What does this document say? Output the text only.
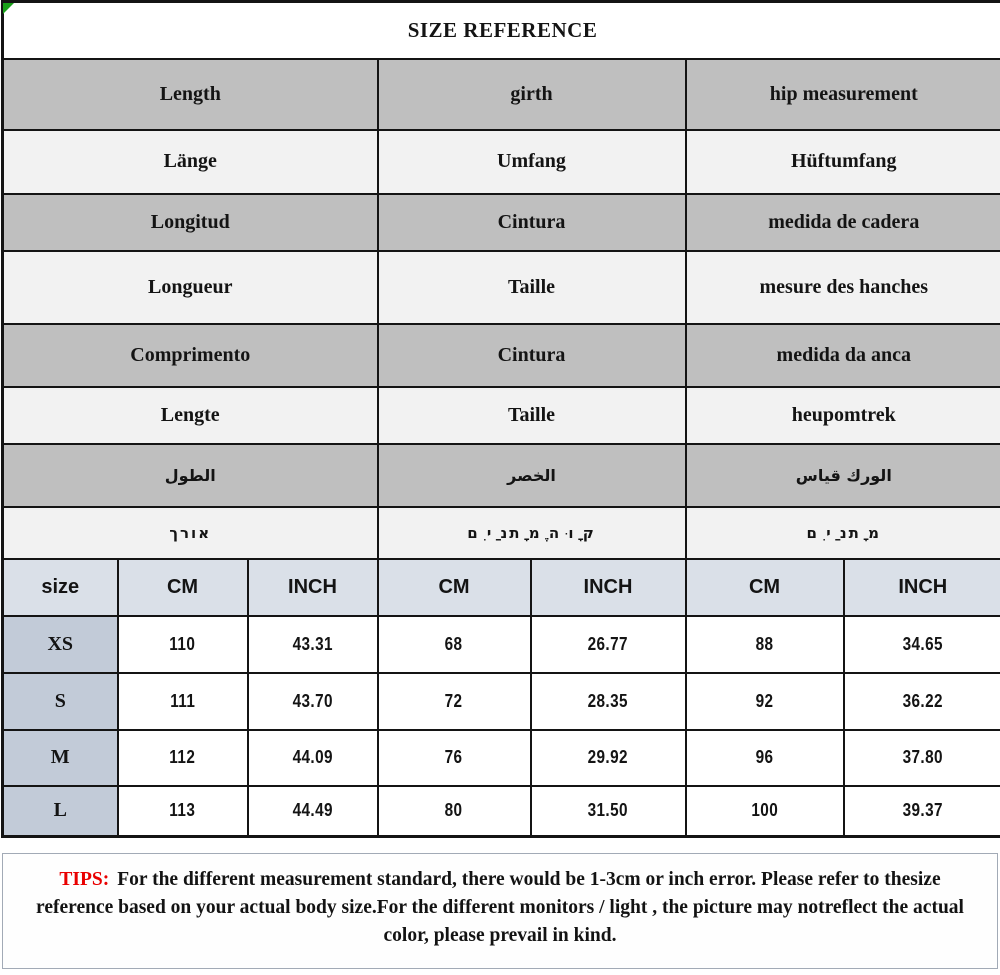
SIZE REFERENCE						
Length			girth		hip measurement	
Länge			Umfang		Hüftumfang	
Longitud			Cintura		medida de cadera	
Longueur			Taille		mesure des hanches	
Comprimento			Cintura		medida da anca	
Lengte			Taille		heupomtrek	
الطول			الخصر		الورك قياس	
ךרוא			ם ִי ַנת ָמ ֶה ּו ָק		ם ִי ַנת ָמ	
size	CM	INCH	CM	INCH	CM	INCH
XS	110	43.31	68	26.77	88	34.65
S	111	43.70	72	28.35	92	36.22
M	112	44.09	76	29.92	96	37.80
L	113	44.49	80	31.50	100	39.37
TIPS: For the different measurement standard, there would be 1-3cm or inch error. Please refer to thesize reference based on your actual body size.For the different monitors / light , the picture may notreflect the actual color, please prevail in kind.
